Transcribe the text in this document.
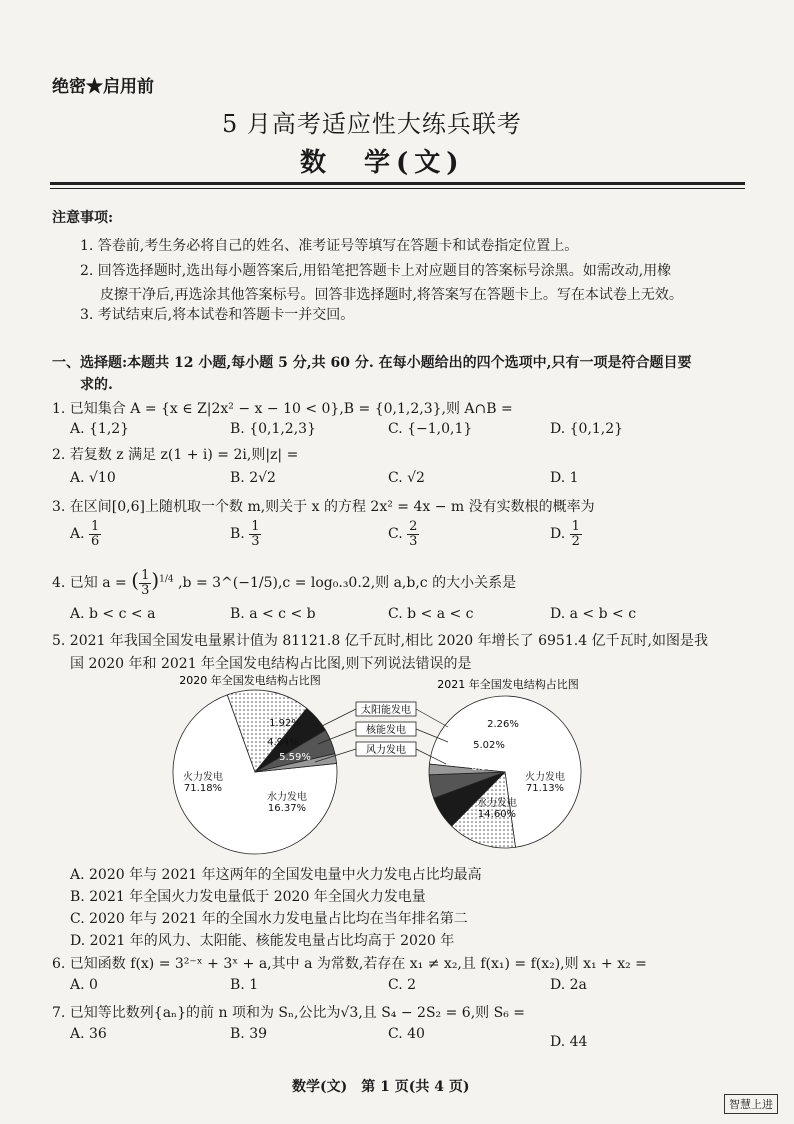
绝密★启用前
5 月高考适应性大练兵联考
数　学(文)
注意事项:
1. 答卷前,考生务必将自己的姓名、准考证号等填写在答题卡和试卷指定位置上。
2. 回答选择题时,选出每小题答案后,用铅笔把答题卡上对应题目的答案标号涂黑。如需改动,用橡
皮擦干净后,再选涂其他答案标号。回答非选择题时,将答案写在答题卡上。写在本试卷上无效。
3. 考试结束后,将本试卷和答题卡一并交回。
一、选择题:本题共 12 小题,每小题 5 分,共 60 分. 在每小题给出的四个选项中,只有一项是符合题目要
求的.
1. 已知集合 A = {x ∈ Z|2x² − x − 10 < 0},B = {0,1,2,3},则 A∩B =
A. {1,2}	B. {0,1,2,3}	C. {−1,0,1}	D. {0,1,2}
2. 若复数 z 满足 z(1 + i) = 2i,则|z| =
A. √10	B. 2√2	C. √2	D. 1
3. 在区间[0,6]上随机取一个数 m,则关于 x 的方程 2x² = 4x − m 没有实数根的概率为
A. $\frac{1}{6}$	B. $\frac{1}{3}$	C. $\frac{2}{3}$	D. $\frac{1}{2}$
4. 已知 a = ( $\frac{1}{3} )^{1/4}$ ,b = 3^(−1/5),c = log₀.₃0.2,则 a,b,c 的大小关系是
A. b < c < a	B. a < c < b	C. b < a < c	D. a < b < c
5. 2021 年我国全国发电量累计值为 81121.8 亿千瓦时,相比 2020 年增长了 6951.4 亿千瓦时,如图是我
国 2020 年和 2021 年全国发电结构占比图,则下列说法错误的是
2020 年全国发电结构占比图	2021 年全国发电结构占比图
火力发电 71.18%
水力发电 16.37%
5.59%
4.94%
1.92%
火力发电 71.13%
水力发电 14.60%
6.99%
5.02%
2.26%
太阳能发电
核能发电
风力发电
A. 2020 年与 2021 年这两年的全国发电量中火力发电占比均最高
B. 2021 年全国火力发电量低于 2020 年全国火力发电量
C. 2020 年与 2021 年的全国水力发电量占比均在当年排名第二
D. 2021 年的风力、太阳能、核能发电量占比均高于 2020 年
6. 已知函数 f(x) = 3²⁻ˣ + 3ˣ + a,其中 a 为常数,若存在 x₁ ≠ x₂,且 f(x₁) = f(x₂),则 x₁ + x₂ =
A. 0	B. 1	C. 2	D. 2a
7. 已知等比数列{aₙ}的前 n 项和为 Sₙ,公比为√3,且 S₄ − 2S₂ = 6,则 S₆ =
A. 36	B. 39	C. 40	D. 44
数学(文)　第 1 页(共 4 页)
智慧上进
